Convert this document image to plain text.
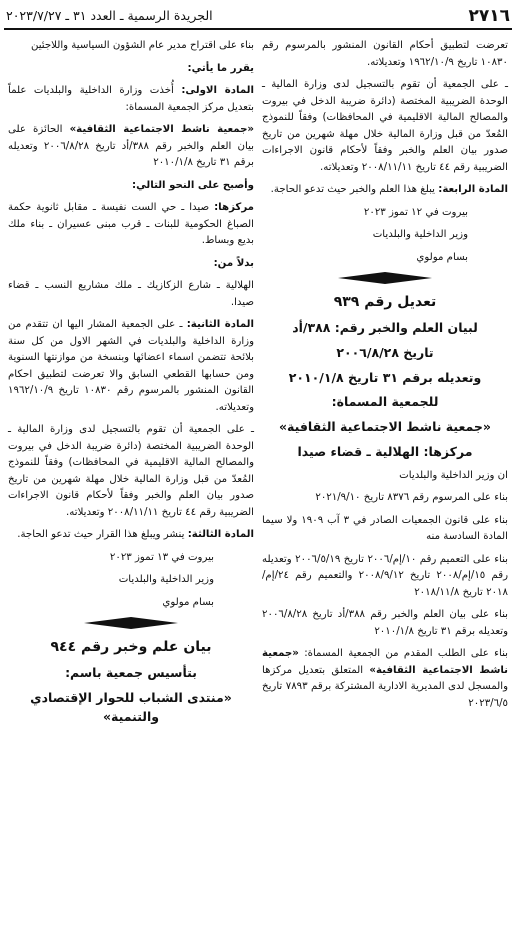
٢٧١٦
الجريدة الرسمية ـ العدد ٣١ ـ ٢٠٢٣/٧/٢٧

تعرضت لتطبيق أحكام القانون المنشور بالمرسوم رقم ١٠٨٣٠ تاريخ ١٩٦٢/١٠/٩ وتعديلاته.

ـ على الجمعية أن تقوم بالتسجيل لدى وزارة المالية ـ الوحدة الضريبية المختصة (دائرة ضريبة الدخل في بيروت والمصالح المالية الاقليمية في المحافظات) وفقاً للنموذج المُعدّ من قبل وزارة المالية خلال مهلة شهرين من تاريخ صدور بيان العلم والخبر وفقاً لأحكام قانون الاجراءات الضريبية رقم ٤٤ تاريخ ٢٠٠٨/١١/١١ وتعديلاته.

المادة الرابعة: يبلغ هذا العلم والخبر حيث تدعو الحاجة.

بيروت في ١٢ تموز ٢٠٢٣

وزير الداخلية والبلديات

بسام مولوي

تعديل رقم ٩٣٩

لبيان العلم والخبر رقم: ٣٨٨/أد

تاريخ ٢٠٠٦/٨/٢٨

وتعديله برقم ٣١ تاريخ ٢٠١٠/١/٨

للجمعية المسماة:

«جمعية ناشط الاجتماعية الثقافية»

مركزها: الهلالية ـ قضاء صيدا

ان وزير الداخلية والبلديات

بناء على المرسوم رقم ٨٣٧٦ تاريخ ٢٠٢١/٩/١٠

بناء على قانون الجمعيات الصادر في ٣ آب ١٩٠٩ ولا سيما المادة السادسة منه

بناء على التعميم رقم ١٠/إم/٢٠٠٦ تاريخ ٢٠٠٦/٥/١٩ وتعديله رقم ١٥/إم/٢٠٠٨ تاريخ ٢٠٠٨/٩/١٢ والتعميم رقم ٢٤/إم/٢٠١٨ تاريخ ٢٠١٨/١١/٨

بناء على بيان العلم والخبر رقم ٣٨٨/أد تاريخ ٢٠٠٦/٨/٢٨ وتعديله برقم ٣١ تاريخ ٢٠١٠/١/٨

بناء على الطلب المقدم من الجمعية المسماة: «جمعية ناشط الاجتماعية الثقافية» المتعلق بتعديل مركزها والمسجل لدى المديرية الادارية المشتركة برقم ٧٨٩٣ تاريخ ٢٠٢٣/٦/٥

بناء على اقتراح مدير عام الشؤون السياسية واللاجئين

يقرر ما يأتي:

المادة الاولى: أُخذت وزارة الداخلية والبلديات علماً بتعديل مركز الجمعية المسماة:

«جمعية ناشط الاجتماعية الثقافية» الحائزة على بيان العلم والخبر رقم ٣٨٨/أد تاريخ ٢٠٠٦/٨/٢٨ وتعديله برقم ٣١ تاريخ ٢٠١٠/١/٨

وأصبح على النحو التالي:

مركزها: صيدا ـ حي الست نفيسة ـ مقابل ثانوية حكمة الصباغ الحكومية للبنات ـ قرب مبنى عسيران ـ بناء ملك بديع وبساط.

بدلاً من:

الهلالية ـ شارع الزكازيك ـ ملك مشاريع النسب ـ قضاء صيدا.

المادة الثانية: ـ على الجمعية المشار اليها ان تتقدم من وزارة الداخلية والبلديات في الشهر الاول من كل سنة بلائحة تتضمن اسماء اعضائها وبنسخة من موازنتها السنوية ومن حسابها القطعي السابق والا تعرضت لتطبيق احكام القانون المنشور بالمرسوم رقم ١٠٨٣٠ تاريخ ١٩٦٢/١٠/٩ وتعديلاته.

ـ على الجمعية أن تقوم بالتسجيل لدى وزارة المالية ـ الوحدة الضريبية المختصة (دائرة ضريبة الدخل في بيروت والمصالح المالية الاقليمية في المحافظات) وفقاً للنموذج المُعدّ من قبل وزارة المالية خلال مهلة شهرين من تاريخ صدور بيان العلم والخبر وفقاً لأحكام قانون الاجراءات الضريبية رقم ٤٤ تاريخ ٢٠٠٨/١١/١١ وتعديلاته.

المادة الثالثة: ينشر ويبلغ هذا القرار حيث تدعو الحاجة.

بيروت في ١٣ تموز ٢٠٢٣

وزير الداخلية والبلديات

بسام مولوي

بيان علم وخبر رقم ٩٤٤

بتأسيس جمعية باسم:

«منتدى الشباب للحوار الإقتصادي والتنمية»
